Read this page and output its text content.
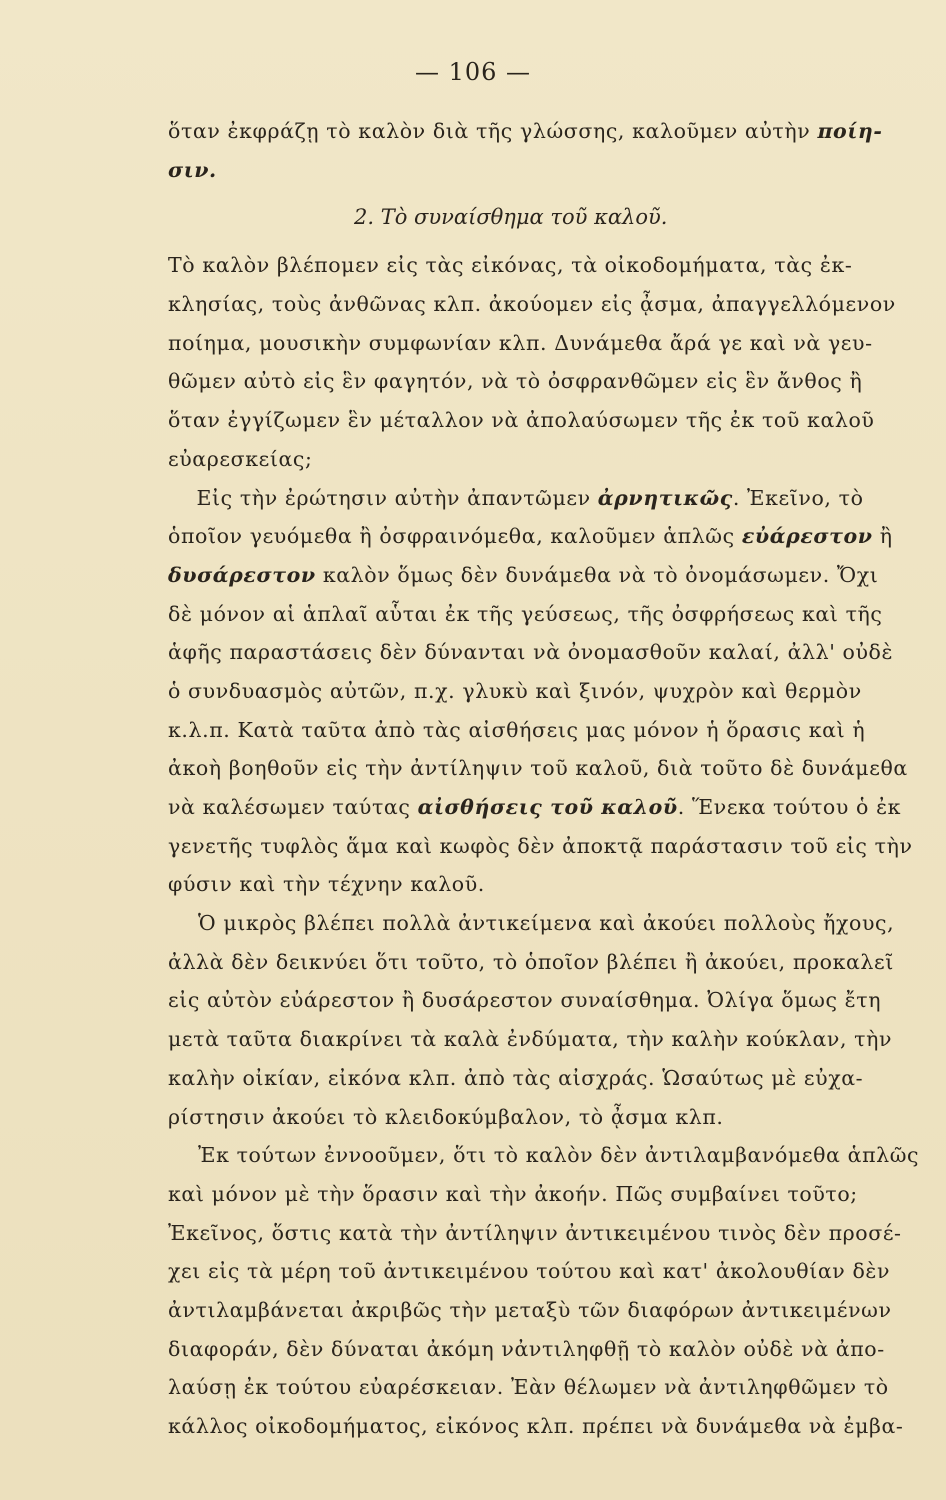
— 106 —
ὅταν ἐκφράζῃ τὸ καλὸν διὰ τῆς γλώσσης, καλοῦμεν αὐτὴν ποίη-
σιν.
2. Τὸ συναίσθημα τοῦ καλοῦ.
Τὸ καλὸν βλέπομεν εἰς τὰς εἰκόνας, τὰ οἰκοδομήματα, τὰς ἐκ-
κλησίας, τοὺς ἀνθῶνας κλπ. ἀκούομεν εἰς ᾆσμα, ἀπαγγελλόμενον
ποίημα, μουσικὴν συμφωνίαν κλπ. Δυνάμεθα ἄρά γε καὶ νὰ γευ-
θῶμεν αὐτὸ εἰς ἓν φαγητόν, νὰ τὸ ὀσφρανθῶμεν εἰς ἓν ἄνθος ἢ
ὅταν ἐγγίζωμεν ἓν μέταλλον νὰ ἀπολαύσωμεν τῆς ἐκ τοῦ καλοῦ
εὐαρεσκείας;
Εἰς τὴν ἐρώτησιν αὐτὴν ἀπαντῶμεν ἀρνητικῶς. Ἐκεῖνο, τὸ
ὁποῖον γευόμεθα ἢ ὀσφραινόμεθα, καλοῦμεν ἁπλῶς εὐάρεστον ἢ
δυσάρεστον καλὸν ὅμως δὲν δυνάμεθα νὰ τὸ ὀνομάσωμεν. Ὄχι
δὲ μόνον αἱ ἁπλαῖ αὗται ἐκ τῆς γεύσεως, τῆς ὀσφρήσεως καὶ τῆς
ἁφῆς παραστάσεις δὲν δύνανται νὰ ὀνομασθοῦν καλαί, ἀλλ' οὐδὲ
ὁ συνδυασμὸς αὐτῶν, π.χ. γλυκὺ καὶ ξινόν, ψυχρὸν καὶ θερμὸν
κ.λ.π. Κατὰ ταῦτα ἀπὸ τὰς αἰσθήσεις μας μόνον ἡ ὅρασις καὶ ἡ
ἀκοὴ βοηθοῦν εἰς τὴν ἀντίληψιν τοῦ καλοῦ, διὰ τοῦτο δὲ δυνάμεθα
νὰ καλέσωμεν ταύτας αἰσθήσεις τοῦ καλοῦ. Ἕνεκα τούτου ὁ ἐκ
γενετῆς τυφλὸς ἅμα καὶ κωφὸς δὲν ἀποκτᾷ παράστασιν τοῦ εἰς τὴν
φύσιν καὶ τὴν τέχνην καλοῦ.
Ὁ μικρὸς βλέπει πολλὰ ἀντικείμενα καὶ ἀκούει πολλοὺς ἤχους,
ἀλλὰ δὲν δεικνύει ὅτι τοῦτο, τὸ ὁποῖον βλέπει ἢ ἀκούει, προκαλεῖ
εἰς αὐτὸν εὐάρεστον ἢ δυσάρεστον συναίσθημα. Ὀλίγα ὅμως ἔτη
μετὰ ταῦτα διακρίνει τὰ καλὰ ἐνδύματα, τὴν καλὴν κούκλαν, τὴν
καλὴν οἰκίαν, εἰκόνα κλπ. ἀπὸ τὰς αἰσχράς. Ὡσαύτως μὲ εὐχα-
ρίστησιν ἀκούει τὸ κλειδοκύμβαλον, τὸ ᾆσμα κλπ.
Ἐκ τούτων ἐννοοῦμεν, ὅτι τὸ καλὸν δὲν ἀντιλαμβανόμεθα ἁπλῶς
καὶ μόνον μὲ τὴν ὅρασιν καὶ τὴν ἀκοήν. Πῶς συμβαίνει τοῦτο;
Ἐκεῖνος, ὅστις κατὰ τὴν ἀντίληψιν ἀντικειμένου τινὸς δὲν προσέ-
χει εἰς τὰ μέρη τοῦ ἀντικειμένου τούτου καὶ κατ' ἀκολουθίαν δὲν
ἀντιλαμβάνεται ἀκριβῶς τὴν μεταξὺ τῶν διαφόρων ἀντικειμένων
διαφοράν, δὲν δύναται ἀκόμη νἀντιληφθῇ τὸ καλὸν οὐδὲ νὰ ἀπο-
λαύσῃ ἐκ τούτου εὐαρέσκειαν. Ἐὰν θέλωμεν νὰ ἀντιληφθῶμεν τὸ
κάλλος οἰκοδομήματος, εἰκόνος κλπ. πρέπει νὰ δυνάμεθα νὰ ἐμβα-
